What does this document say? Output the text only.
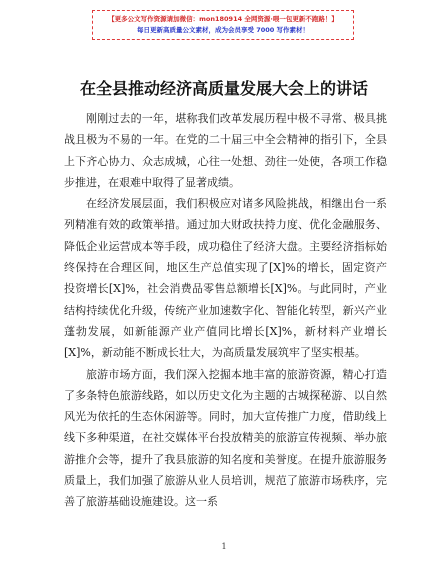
【更多公文写作资源请加微信：mon180914 全网资源·喂一包更新不跑路！】
每日更新高质量公文素材，成为会员享受 7000 写作素材！
在全县推动经济高质量发展大会上的讲话

刚刚过去的一年，堪称我们改革发展历程中极不寻常、极具挑战且极为不易的一年。在党的二十届三中全会精神的指引下，全县上下齐心协力、众志成城，心往一处想、劲往一处使，各项工作稳步推进，在艰难中取得了显著成绩。

在经济发展层面，我们积极应对诸多风险挑战，相继出台一系列精准有效的政策举措。通过加大财政扶持力度、优化金融服务、降低企业运营成本等手段，成功稳住了经济大盘。主要经济指标始终保持在合理区间，地区生产总值实现了[X]%的增长，固定资产投资增长[X]%，社会消费品零售总额增长[X]%。与此同时，产业结构持续优化升级，传统产业加速数字化、智能化转型，新兴产业蓬勃发展，如新能源产业产值同比增长[X]%，新材料产业增长[X]%，新动能不断成长壮大，为高质量发展筑牢了坚实根基。

旅游市场方面，我们深入挖掘本地丰富的旅游资源，精心打造了多条特色旅游线路，如以历史文化为主题的古城探秘游、以自然风光为依托的生态休闲游等。同时，加大宣传推广力度，借助线上线下多种渠道，在社交媒体平台投放精美的旅游宣传视频、举办旅游推介会等，提升了我县旅游的知名度和美誉度。在提升旅游服务质量上，我们加强了旅游从业人员培训，规范了旅游市场秩序，完善了旅游基础设施建设。这一系

1
